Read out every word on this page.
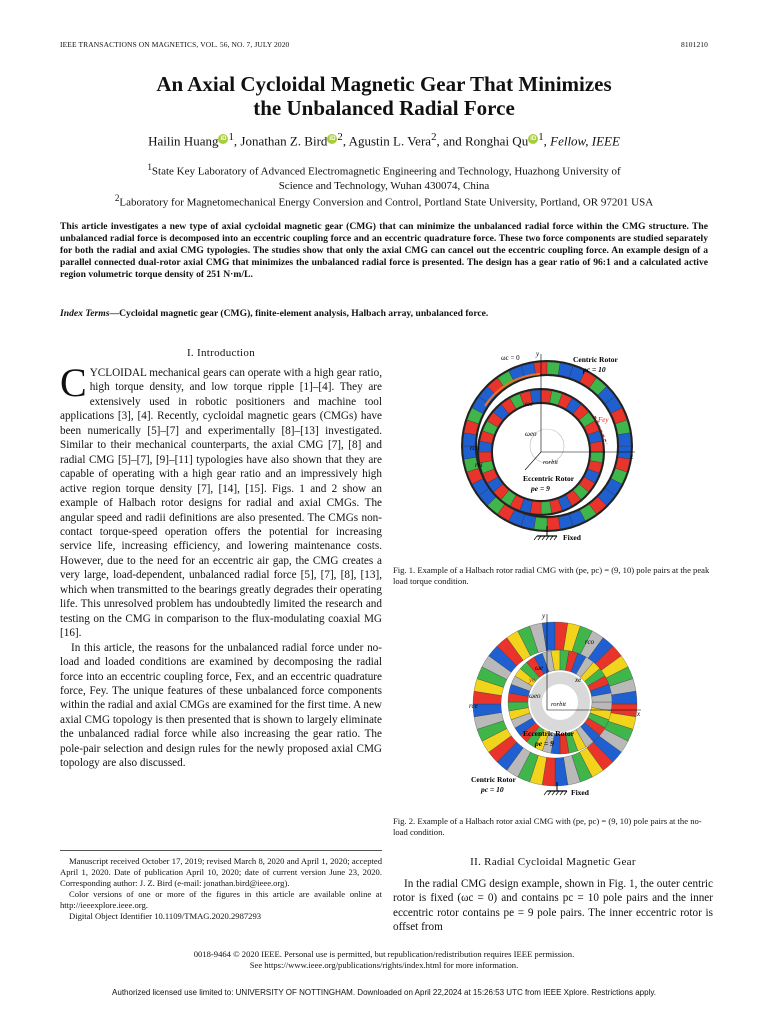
IEEE TRANSACTIONS ON MAGNETICS, VOL. 56, NO. 7, JULY 2020	8101210
An Axial Cycloidal Magnetic Gear That Minimizes
the Unbalanced Radial Force
Hailin Huang iD $^1$, Jonathan Z. Bird iD $^2$, Agustin L. Vera$^2$, and Ronghai Qu iD $^1$, Fellow, IEEE
$^1$State Key Laboratory of Advanced Electromagnetic Engineering and Technology, Huazhong University of
Science and Technology, Wuhan 430074, China
$^2$Laboratory for Magnetomechanical Energy Conversion and Control, Portland State University, Portland, OR 97201 USA
This article investigates a new type of axial cycloidal magnetic gear (CMG) that can minimize the unbalanced radial force within the CMG structure. The unbalanced radial force is decomposed into an eccentric coupling force and an eccentric quadrature force. These two force components are studied separately for both the radial and axial CMG typologies. The studies show that only the axial CMG can cancel out the eccentric coupling force. An example design of a parallel connected dual-rotor axial CMG that minimizes the unbalanced radial force is presented. The design has a gear ratio of 96:1 and a calculated active region volumetric torque density of 251 N·m/L.
Index Terms—Cycloidal magnetic gear (CMG), finite-element analysis, Halbach array, unbalanced force.
I. Introduction
CYCLOIDAL mechanical gears can operate with a high gear ratio, high torque density, and low torque ripple [1]–[4]. They are extensively used in robotic positioners and machine tool applications [3], [4]. Recently, cycloidal magnetic gears (CMGs) have been numerically [5]–[7] and experimentally [8]–[13] investigated. Similar to their mechanical counterparts, the axial CMG [7], [8] and radial CMG [5]–[7], [9]–[11] typologies have also shown that they are capable of operating with a high gear ratio and an impressively high active region torque density [7], [14], [15]. Figs. 1 and 2 show an example of Halbach rotor designs for radial and axial CMGs. The angular speed and radii definitions are also presented. The CMGs non-contact torque-speed operation offers the potential for increasing service life, increasing efficiency, and lowering maintenance costs. However, due to the need for an eccentric air gap, the CMG creates a very large, load-dependent, unbalanced radial force [5], [7], [8], [13], which when transmitted to the bearings greatly degrades their operating life. This unresolved problem has undoubtedly limited the research and testing on the CMG in comparison to the flux-modulating coaxial MG [16].
In this article, the reasons for the unbalanced radial force under no-load and loaded conditions are examined by decomposing the radial force into an eccentric coupling force, Fex, and an eccentric quadrature force, Fey. The unique features of these unbalanced force components within the radial and axial CMGs are examined for the first time. A new axial CMG topology is then presented that is shown to largely eliminate the unbalanced radial force while also increasing the gear ratio. The pole-pair selection and design rules for the newly proposed axial CMG topology are also discussed.
Manuscript received October 17, 2019; revised March 8, 2020 and April 1, 2020; accepted April 1, 2020. Date of publication April 10, 2020; date of current version June 23, 2020. Corresponding author: J. Z. Bird (e-mail: jonathan.bird@ieee.org).
Color versions of one or more of the figures in this article are available online at http://ieeexplore.ieee.org.
Digital Object Identifier 10.1109/TMAG.2020.2987293
ωc = 0 y
Centric Rotor
pc = 10
ωe
Fey
ωeo
rco
rei	rorbit
x
Eccentric Rotor
pe = 9
Fixed
Fig. 1. Example of a Halbach rotor radial CMG with (pe, pc) = (9, 10) pole pairs at the peak load torque condition.
y
rco
ωe
ye	xe
ωeo
rorbit
x
rce
Eccentric Rotor
pe = 9
Centric Rotor
pc = 10	Fixed
Fig. 2. Example of a Halbach rotor axial CMG with (pe, pc) = (9, 10) pole pairs at the no-load condition.
II. Radial Cycloidal Magnetic Gear
In the radial CMG design example, shown in Fig. 1, the outer centric rotor is fixed (ωc = 0) and contains pc = 10 pole pairs and the inner eccentric rotor contains pe = 9 pole pairs. The inner eccentric rotor is offset from
0018-9464 © 2020 IEEE. Personal use is permitted, but republication/redistribution requires IEEE permission.
See https://www.ieee.org/publications/rights/index.html for more information.
Authorized licensed use limited to: UNIVERSITY OF NOTTINGHAM. Downloaded on April 22,2024 at 15:26:53 UTC from IEEE Xplore. Restrictions apply.
